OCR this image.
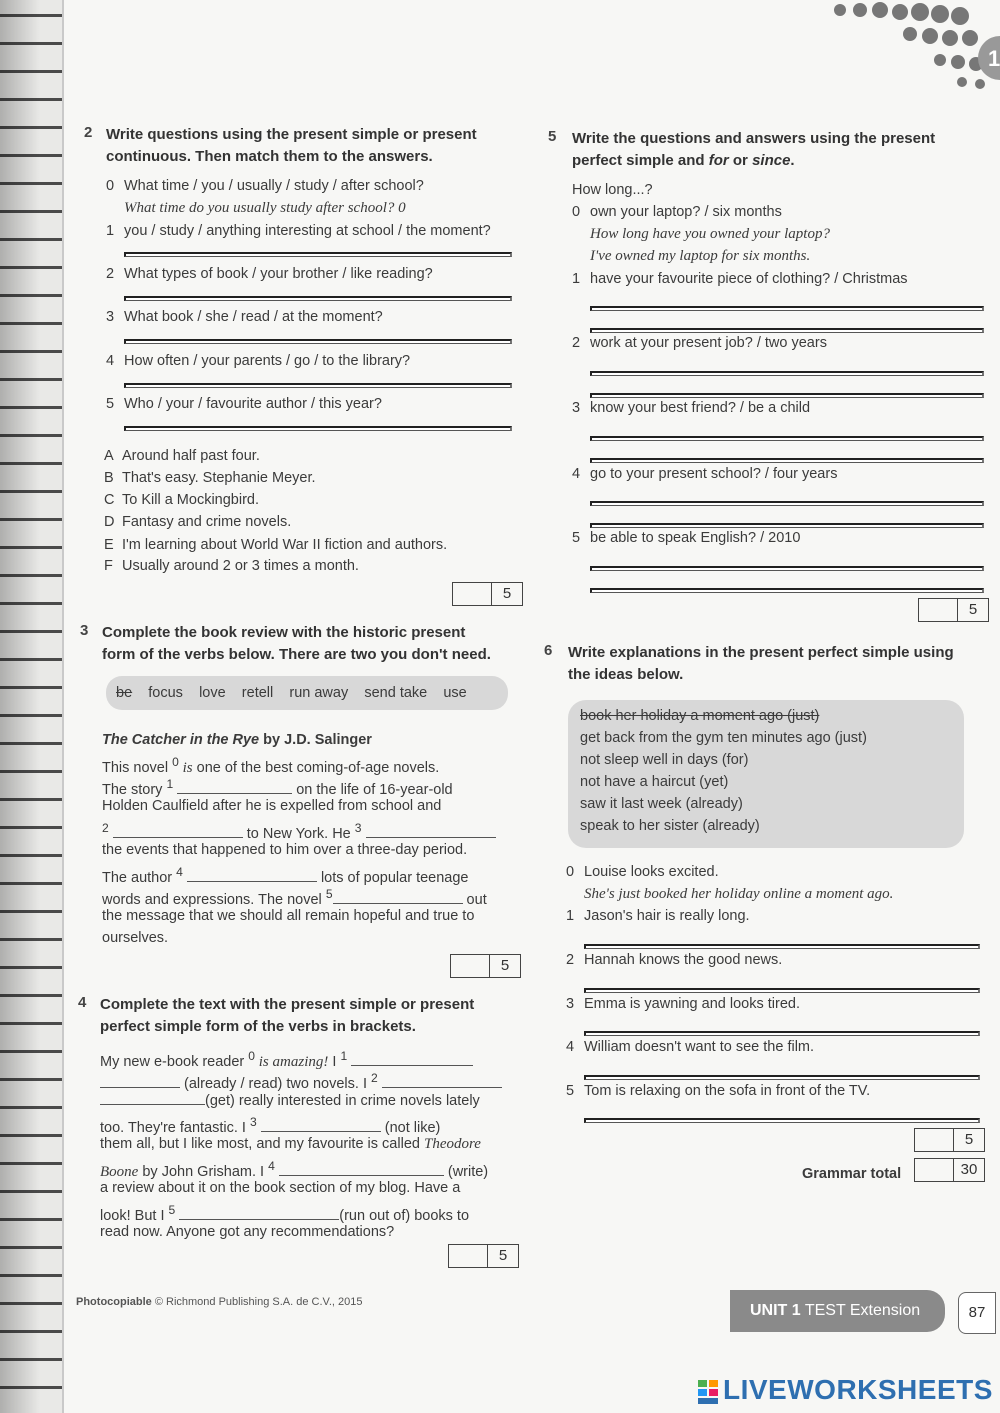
1
2 Write questions using the present simple or present
continuous. Then match them to the answers.
0 What time / you / usually / study / after school?
What time do you usually study after school? 0
1 you / study / anything interesting at school / the moment?
2 What types of book / your brother / like reading?
3 What book / she / read / at the moment?
4 How often / your parents / go / to the library?
5 Who / your / favourite author / this year?
A Around half past four.
B That's easy. Stephanie Meyer.
C To Kill a Mockingbird.
D Fantasy and crime novels.
E I'm learning about World War II fiction and authors.
F Usually around 2 or 3 times a month.
5
3 Complete the book review with the historic present
form of the verbs below. There are two you don't need.
be focus love retell run away send take use
The Catcher in the Rye by J.D. Salinger
This novel $^0$ is one of the best coming-of-age novels.
The story $^1$	on the life of 16-year-old
Holden Caulfield after he is expelled from school and
$^2$	to New York. He $^3$
the events that happened to him over a three-day period.
The author $^4$	lots of popular teenage
words and expressions. The novel $^5$	out
the message that we should all remain hopeful and true to
ourselves.
5
4 Complete the text with the present simple or present
perfect simple form of the verbs in brackets.
My new e-book reader $^0$ is amazing! I $^1$
(already / read) two novels. I $^2$
(get) really interested in crime novels lately
too. They're fantastic. I $^3$	(not like)
them all, but I like most, and my favourite is called Theodore
Boone by John Grisham. I $^4$	(write)
a review about it on the book section of my blog. Have a
look! But I $^5$	(run out of) books to
read now. Anyone got any recommendations?
5
5 Write the questions and answers using the present
perfect simple and for or since.
How long...?
0 own your laptop? / six months
How long have you owned your laptop?
I've owned my laptop for six months.
1 have your favourite piece of clothing? / Christmas
2 work at your present job? / two years
3 know your best friend? / be a child
4 go to your present school? / four years
5 be able to speak English? / 2010
5
6 Write explanations in the present perfect simple using
the ideas below.
book her holiday a moment ago (just)
get back from the gym ten minutes ago (just)
not sleep well in days (for)
not have a haircut (yet)
saw it last week (already)
speak to her sister (already)
0 Louise looks excited.
She's just booked her holiday online a moment ago.
1 Jason's hair is really long.
2 Hannah knows the good news.
3 Emma is yawning and looks tired.
4 William doesn't want to see the film.
5 Tom is relaxing on the sofa in front of the TV.
5
Grammar total	30
Photocopiable © Richmond Publishing S.A. de C.V., 2015	UNIT 1 TEST Extension	87
LIVEWORKSHEETS
